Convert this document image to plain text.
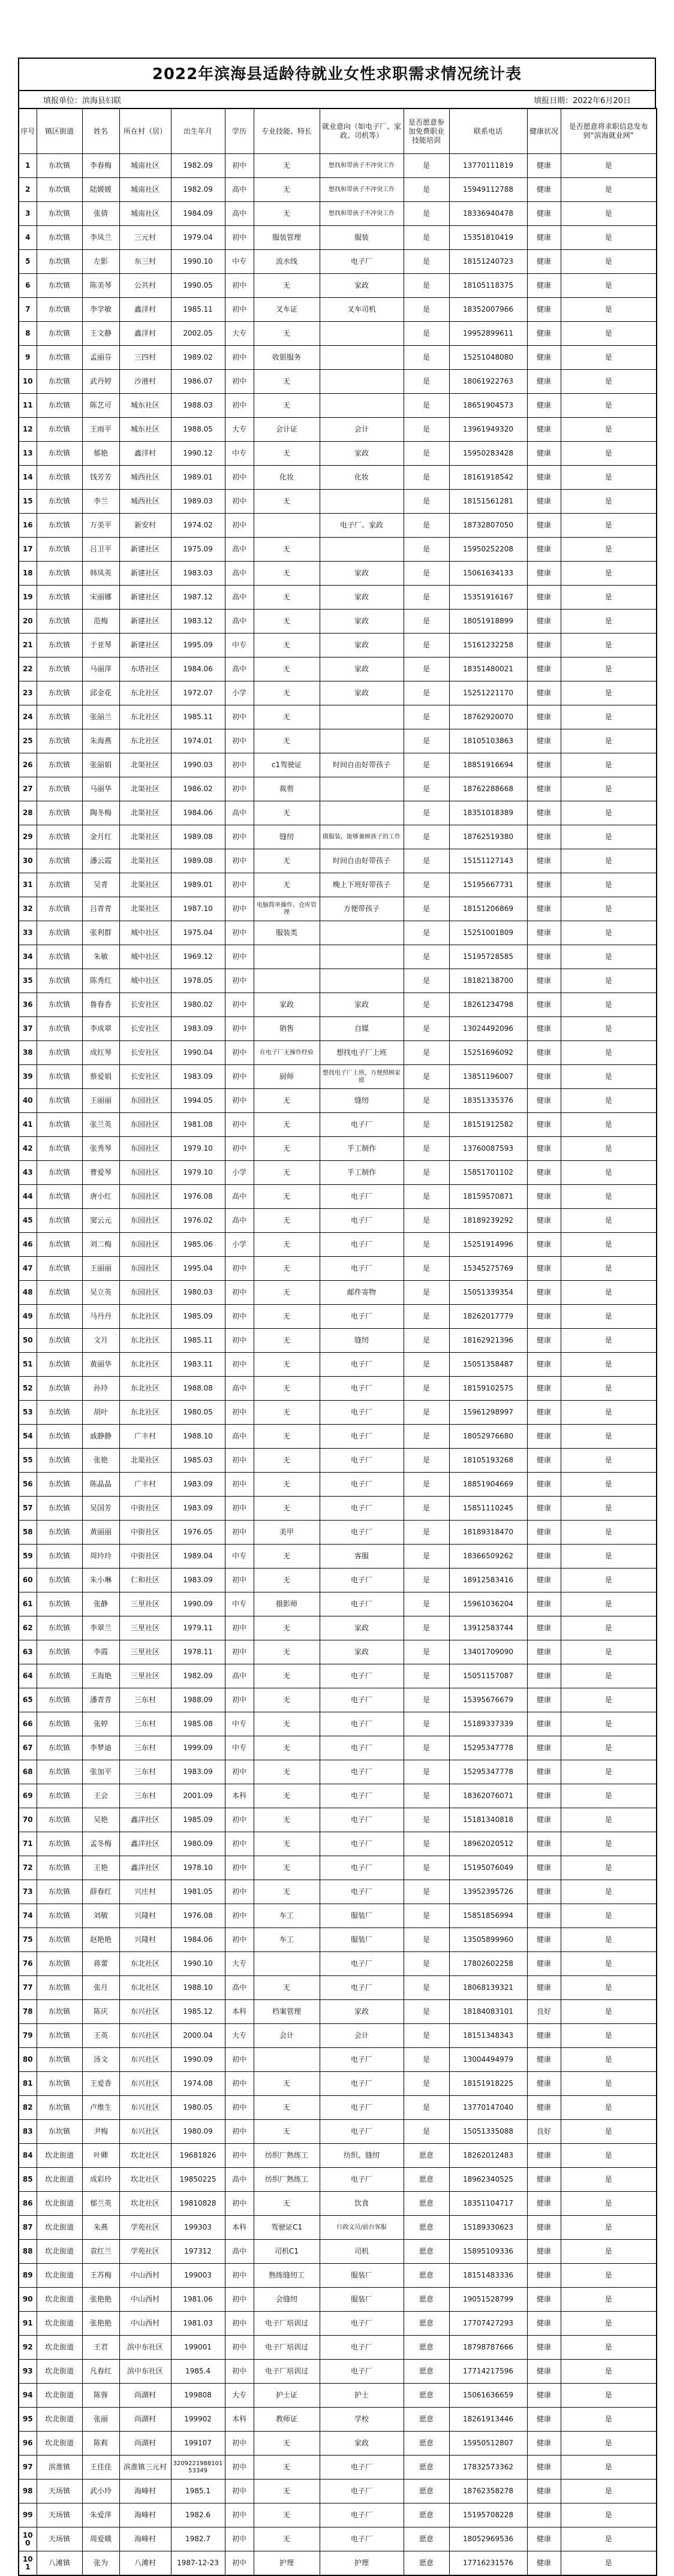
2022年滨海县适龄待就业女性求职需求情况统计表
填报单位：滨海县妇联	填报日期：2022年6月20日
序号	镇区街道	姓名	所在村（居）	出生年月	学历	专业技能、特长	就业意向（如电子厂、家政、司机等）	是否愿意参加免费职业技能培训	联系电话	健康状况	是否愿意将求职信息发布到“滨海就业网”
1	东坎镇	李春梅	城南社区	1982.09	初中	无	想找和带孩子不冲突工作	是	13770111819	健康	是
2	东坎镇	陆媛媛	城南社区	1982.09	高中	无	想找和带孩子不冲突工作	是	15949112788	健康	是
3	东坎镇	张倩	城南社区	1984.09	高中	无	想找和带孩子不冲突工作	是	18336940478	健康	是
4	东坎镇	李凤兰	三元村	1979.04	初中	服装管理	服装	是	15351810419	健康	是
5	东坎镇	左影	东三村	1990.10	中专	流水线	电子厂	是	18151240723	健康	是
6	东坎镇	陈美琴	公共村	1990.05	初中	无	家政	是	18105118375	健康	是
7	东坎镇	李学敏	鑫洋村	1985.11	初中	叉车证	叉车司机	是	18352007966	健康	是
8	东坎镇	王文静	鑫洋村	2002.05	大专	无		是	19952899611	健康	是
9	东坎镇	孟丽芬	三四村	1989.02	初中	收银服务		是	15251048080	健康	是
10	东坎镇	武丹婷	沙港村	1986.07	初中	无		是	18061922763	健康	是
11	东坎镇	陈艺可	城东社区	1988.03	初中	无		是	18651904573	健康	是
12	东坎镇	王雨平	城东社区	1988.05	大专	会计证	会计	是	13961949320	健康	是
13	东坎镇	郁艳	鑫洋村	1990.12	中专	无	家政	是	15950283428	健康	是
14	东坎镇	钱芳芳	城西社区	1989.01	初中	化妆	化妆	是	18161918542	健康	是
15	东坎镇	李兰	城西社区	1989.03	初中	无		是	18151561281	健康	是
16	东坎镇	万美平	新安村	1974.02	初中		电子厂、家政	是	18732807050	健康	是
17	东坎镇	吕卫平	新建社区	1975.09	高中	无		是	15950252208	健康	是
18	东坎镇	韩凤英	新建社区	1983.03	高中	无	家政	是	15061634133	健康	是
19	东坎镇	宋丽娜	新建社区	1987.12	高中	无	家政	是	15351916167	健康	是
20	东坎镇	范梅	新建社区	1983.12	高中	无	家政	是	18051918899	健康	是
21	东坎镇	于亚琴	新建社区	1995.09	中专	无	家政	是	15161232258	健康	是
22	东坎镇	马丽萍	东塔社区	1984.06	高中	无	家政	是	18351480021	健康	是
23	东坎镇	邱金花	东北社区	1972.07	小学	无	家政	是	15251221170	健康	是
24	东坎镇	张丽兰	东北社区	1985.11	初中	无		是	18762920070	健康	是
25	东坎镇	朱海燕	东北社区	1974.01	初中	无		是	18105103863	健康	是
26	东坎镇	张丽娟	北渠社区	1990.03	初中	c1驾驶证	时间自由好带孩子	是	18851916694	健康	是
27	东坎镇	马丽华	北渠社区	1986.02	初中	裁剪		是	18762288668	健康	是
28	东坎镇	陶冬梅	北渠社区	1984.06	高中	无		是	18351018389	健康	是
29	东坎镇	金月红	北渠社区	1989.08	初中	缝纫	做服装，能够兼顾孩子的工作	是	18762519380	健康	是
30	东坎镇	潘云霞	北渠社区	1989.08	初中	无	时间自由好带孩子	是	15151127143	健康	是
31	东坎镇	吴青	北渠社区	1989.01	初中	无	晚上下班好带孩子	是	15195667731	健康	是
32	东坎镇	吕青青	北渠社区	1987.10	初中	电脑简单操作、仓库管理	方便带孩子	是	18151206869	健康	是
33	东坎镇	张利群	城中社区	1975.04	初中	服装类		是	15251001809	健康	是
34	东坎镇	朱敏	城中社区	1969.12	初中			是	15195728585	健康	是
35	东坎镇	陈秀红	城中社区	1978.05	初中			是	18182138700	健康	是
36	东坎镇	鲁春香	长安社区	1980.02	初中	家政	家政	是	18261234798	健康	是
37	东坎镇	李成翠	长安社区	1983.09	初中	销售	自媒	是	13024492096	健康	是
38	东坎镇	成红琴	长安社区	1990.04	初中	在电子厂无操作经验	想找电子厂上班	是	15251696092	健康	是
39	东坎镇	蔡爱娟	长安社区	1983.09	初中	厨师	想找电子厂上班，方便照顾家庭	是	13851196007	健康	是
40	东坎镇	王丽丽	东园社区	1994.05	初中	无	缝纫	是	18351335376	健康	是
41	东坎镇	张兰英	东园社区	1981.08	初中	无	电子厂	是	18151912582	健康	是
42	东坎镇	张秀琴	东园社区	1979.10	初中	无	手工制作	是	13760087593	健康	是
43	东坎镇	曹爱琴	东园社区	1979.10	小学	无	手工制作	是	15851701102	健康	是
44	东坎镇	唐小红	东园社区	1976.08	高中	无	电子厂	是	18159570871	健康	是
45	东坎镇	窦云元	东园社区	1976.02	高中	无	电子厂	是	18189239292	健康	是
46	东坎镇	刘二梅	东园社区	1985.06	小学	无	电子厂	是	15251914996	健康	是
47	东坎镇	王丽丽	东园社区	1995.04	初中	无	电子厂	是	15345275769	健康	是
48	东坎镇	吴立英	东园社区	1980.03	初中	无	邮件寄物	是	15051339354	健康	是
49	东坎镇	马丹丹	东北社区	1985.09	初中	无	电子厂	是	18262017779	健康	是
50	东坎镇	文月	东北社区	1985.11	初中	无	缝纫	是	18162921396	健康	是
51	东坎镇	黄丽华	东北社区	1983.11	初中	无	电子厂	是	15051358487	健康	是
52	东坎镇	孙玲	东北社区	1988.08	高中	无	电子厂	是	18159102575	健康	是
53	东坎镇	胡叶	东北社区	1980.05	初中	无	电子厂	是	15961298997	健康	是
54	东坎镇	戚静静	广丰村	1988.10	高中	无	电子厂	是	18052976680	健康	是
55	东坎镇	张艳	北渠社区	1985.03	初中	无	电子厂	是	18105193268	健康	是
56	东坎镇	陈晶晶	广丰村	1983.09	初中	无	电子厂	是	18851904669	健康	是
57	东坎镇	吴国芳	中街社区	1983.09	初中	无	电子厂	是	15851110245	健康	是
58	东坎镇	黄丽丽	中街社区	1976.05	初中	美甲	电子厂	是	18189318470	健康	是
59	东坎镇	周玲玲	中街社区	1989.04	中专	无	客服	是	18366509262	健康	是
60	东坎镇	朱小琳	仁和社区	1983.09	初中	无	电子厂	是	18912583416	健康	是
61	东坎镇	张静	三里社区	1990.09	中专	摄影师	电子厂	是	15961036204	健康	是
62	东坎镇	李翠兰	三里社区	1979.11	初中	无	家政	是	13912583744	健康	是
63	东坎镇	李霞	三里社区	1978.11	初中	无	家政	是	13401709090	健康	是
64	东坎镇	王海艳	三里社区	1982.09	高中	无	电子厂	是	15051157087	健康	是
65	东坎镇	潘青青	三东村	1988.09	初中	无	电子厂	是	15395676679	健康	是
66	东坎镇	张婷	三东村	1985.08	中专	无	电子厂	是	15189337339	健康	是
67	东坎镇	李梦迪	三东村	1999.09	中专	无	电子厂	是	15295347778	健康	是
68	东坎镇	张加平	三东村	1983.09	初中	无	电子厂	是	15295347778	健康	是
69	东坎镇	王会	三东村	2001.09	本科	无	电子厂	是	18362076071	健康	是
70	东坎镇	吴艳	鑫洋社区	1985.09	初中	无	电子厂	是	15181340818	健康	是
71	东坎镇	孟冬梅	鑫洋社区	1980.09	初中	无	电子厂	是	18962020512	健康	是
72	东坎镇	王艳	鑫洋社区	1978.10	初中	无	电子厂	是	15195076049	健康	是
73	东坎镇	薛春红	兴庄村	1981.05	初中	无	电子厂	是	13952395726	健康	是
74	东坎镇	刘敏	兴隆村	1976.08	初中	车工	服装厂	是	15851856994	健康	是
75	东坎镇	赵艳艳	兴隆村	1984.06	初中	车工	服装厂	是	13505899960	健康	是
76	东坎镇	蒋蕾	东北社区	1990.10	大专		电子厂	是	17802602258	健康	是
77	东坎镇	张月	东北社区	1988.10	高中	无	电子厂	是	18068139321	健康	是
78	东坎镇	陈庆	东兴社区	1985.12	本科	档案管理	家政	是	18184083101	良好	是
79	东坎镇	王英	东兴社区	2000.04	大专	会计	会计	是	18151348343	健康	是
80	东坎镇	汤文	东兴社区	1990.09	初中		电子厂	是	13004494979	健康	是
81	东坎镇	王爱香	东兴社区	1974.08	初中	无	电子厂	是	18151918225	健康	是
82	东坎镇	卢维生	东兴社区	1980.05	初中	无	电子厂	是	13770147040	健康	是
83	东坎镇	尹梅	东兴社区	1980.09	初中	无	电子厂	是	15051335088	良好	是
84	坎北街道	叶卿	坎北社区	19681826	初中	纺织厂熟练工	纺织、缝纫	愿意	18262012483	健康	是
85	坎北街道	成彩玲	坎北社区	19850225	高中	纺织厂熟练工	电子厂	愿意	18962340525	健康	是
86	坎北街道	郁兰英	坎北社区	19810828	初中	无	饮食	愿意	18351104717	健康	是
87	坎北街道	朱燕	学苑社区	199303	本科	驾驶证C1	行政文员/前台客服	愿意	15189330623	健康	是
88	坎北街道	袁红兰	学苑社区	197312	高中	司机C1	司机	愿意	15895109336	健康	是
89	坎北街道	王苏梅	中山西村	199003	初中	熟练缝纫工	服装厂	愿意	18151483336	健康	是
90	坎北街道	张艳艳	中山西村	1981.06	初中	会缝纫	服装厂	愿意	19051528799	健康	是
91	坎北街道	张艳艳	中山西村	1981.03	初中	电子厂培训过	电子厂	愿意	17707427293	健康	是
92	坎北街道	王君	滨中东社区	199001	初中	电子厂培训过	电子厂	愿意	18798787666	健康	是
93	坎北街道	凡春红	滨中东社区	1985.4	初中	电子厂培训过	电子厂	愿意	17714217596	健康	是
94	坎北街道	陈蓉	尚湖村	199808	大专	护士证	护士	愿意	15061636659	健康	是
95	坎北街道	张丽	尚湖村	199902	本科	教师证	学校	愿意	18261913446	健康	是
96	坎北街道	陈莉	尚湖村	199107	初中	无	家政	愿意	15950512807	健康	是
97	滨淮镇	王佳佳	滨淮镇三元村	320922198810153349	初中	无	电子厂	愿意	17832573362	健康	是
98	天场镇	武小玲	海峰村	1985.1	初中	无	电子厂	愿意	18762358278	健康	是
99	天场镇	朱爱萍	海峰村	1982.6	初中	无	电子厂	愿意	15195708228	健康	是
100	天场镇	周爱娥	海峰村	1982.7	初中	无	电子厂	愿意	18052969536	健康	是
101	八滩镇	张为	八滩村	1987-12-23	初中	护理	护理	愿意	17716231576	健康	是
